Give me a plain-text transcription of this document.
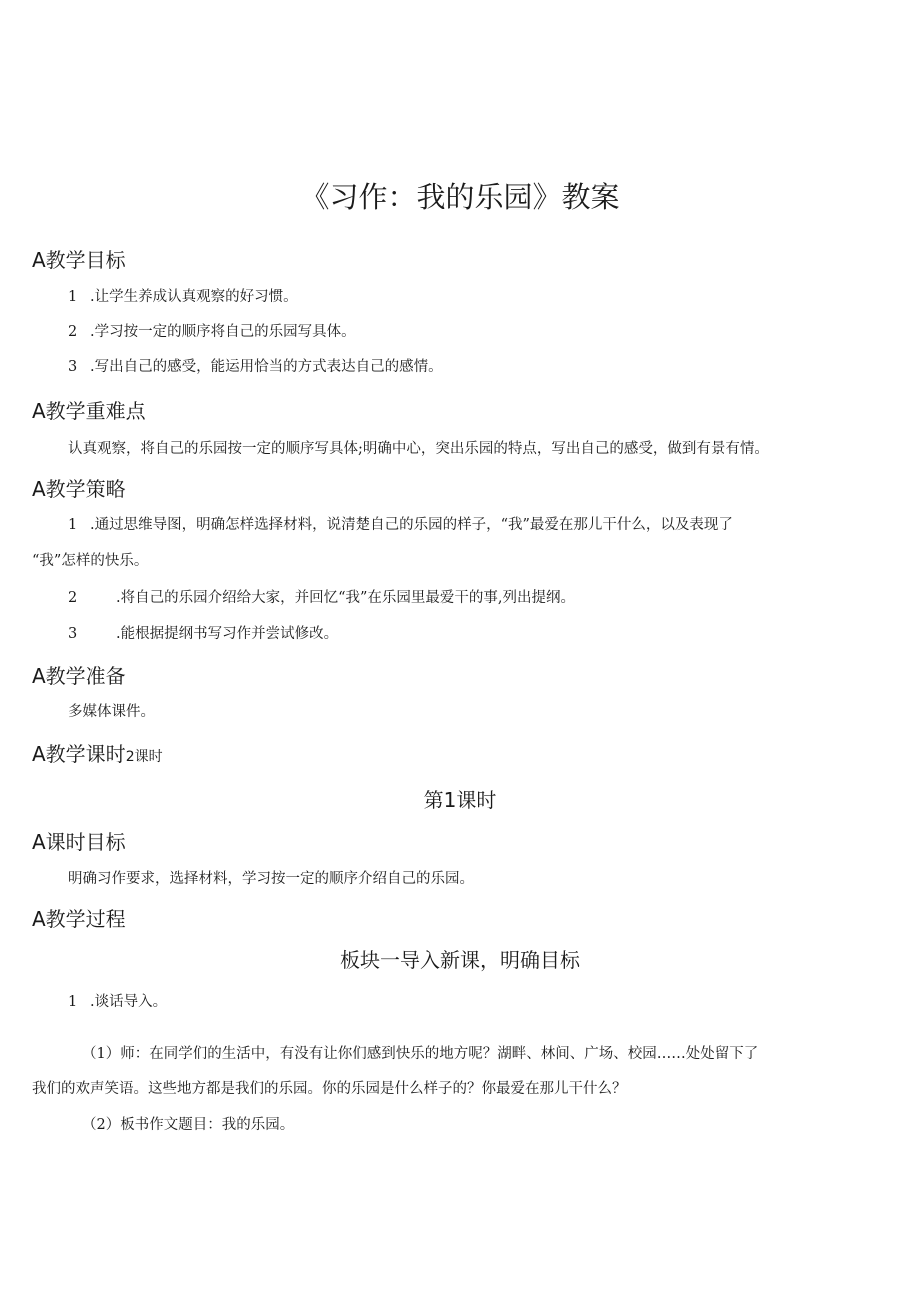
《习作：我的乐园》教案
A教学目标
1 .让学生养成认真观察的好习惯。
2 .学习按一定的顺序将自己的乐园写具体。
3 .写出自己的感受，能运用恰当的方式表达自己的感情。
A教学重难点
认真观察，将自己的乐园按一定的顺序写具体;明确中心，突出乐园的特点，写出自己的感受，做到有景有情。
A教学策略
1 .通过思维导图，明确怎样选择材料，说清楚自己的乐园的样子，“我”最爱在那儿干什么，以及表现了
“我”怎样的快乐。
2	.将自己的乐园介绍给大家，并回忆“我”在乐园里最爱干的事,列出提纲。
3	.能根据提纲书写习作并尝试修改。
A教学准备
多媒体课件。
A教学课时2课时
第1课时
A课时目标
明确习作要求，选择材料，学习按一定的顺序介绍自己的乐园。
A教学过程
板块一导入新课，明确目标
1 .谈话导入。
（1）师：在同学们的生活中，有没有让你们感到快乐的地方呢？湖畔、林间、广场、校园……处处留下了
我们的欢声笑语。这些地方都是我们的乐园。你的乐园是什么样子的？你最爱在那儿干什么？
（2）板书作文题目：我的乐园。
